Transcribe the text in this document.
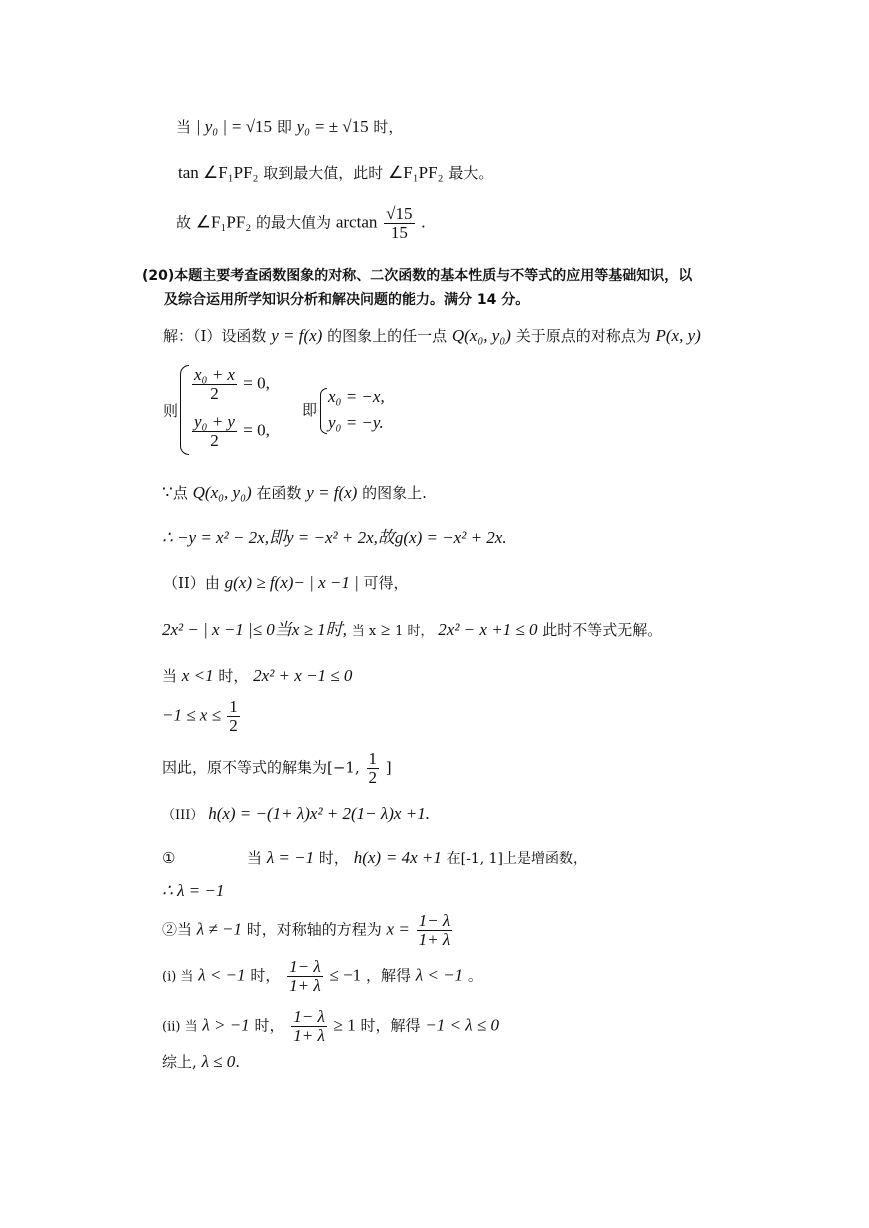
当 | y₀ | = √15 即 y₀ = ± √15 时，
tan ∠F₁PF₂ 取到最大值，此时 ∠F₁PF₂ 最大。
故 ∠F₁PF₂ 的最大值为 $\arctan \frac{√15}{15}$ .
(20)本题主要考查函数图象的对称、二次函数的基本性质与不等式的应用等基础知识，以
及综合运用所学知识分析和解决问题的能力。满分 14 分。
解：（Ⅰ）设函数 y = f(x) 的图象上的任一点 Q(x₀, y₀) 关于原点的对称点为 P(x, y)
则
$\frac{\text{x₀ + x}}{2} = 0$,
$\frac{\text{y₀ + y}}{2} = 0$,
即
x₀ = −x,
y₀ = −y.
∵点 Q(x₀, y₀) 在函数 y = f(x) 的图象上.
∴ −y = x² − 2x,即y = −x² + 2x,故g(x) = −x² + 2x.
（II）由 g(x) ≥ f(x)− | x −1 | 可得，
2x² − | x −1 |≤ 0当x ≥ 1时, 当 x ≥ 1 时， 2x² − x +1 ≤ 0 此时不等式无解。
当 x <1 时， 2x² + x −1 ≤ 0
$-1 \le x \le \frac{1}{2}$
因此，原不等式的解集为[−1, $\frac{1}{2}$ ]
（III） h(x) = −(1+ λ)x² + 2(1− λ)x +1.
①	当 λ = −1 时， h(x) = 4x +1 在[-1, 1]上是增函数，
∴ λ = −1
②当 λ ≠ −1 时，对称轴的方程为 $x = \frac{1- \lambda}{1+ \lambda}$
(i) 当 λ < −1 时， $\frac{1- \lambda}{1+ \lambda} \le -1$ ，解得 λ < −1 。
(ii) 当 λ > −1 时， $\frac{1- \lambda}{1+ \lambda} \ge 1$ 时，解得 −1 < λ ≤ 0
综上, λ ≤ 0.
